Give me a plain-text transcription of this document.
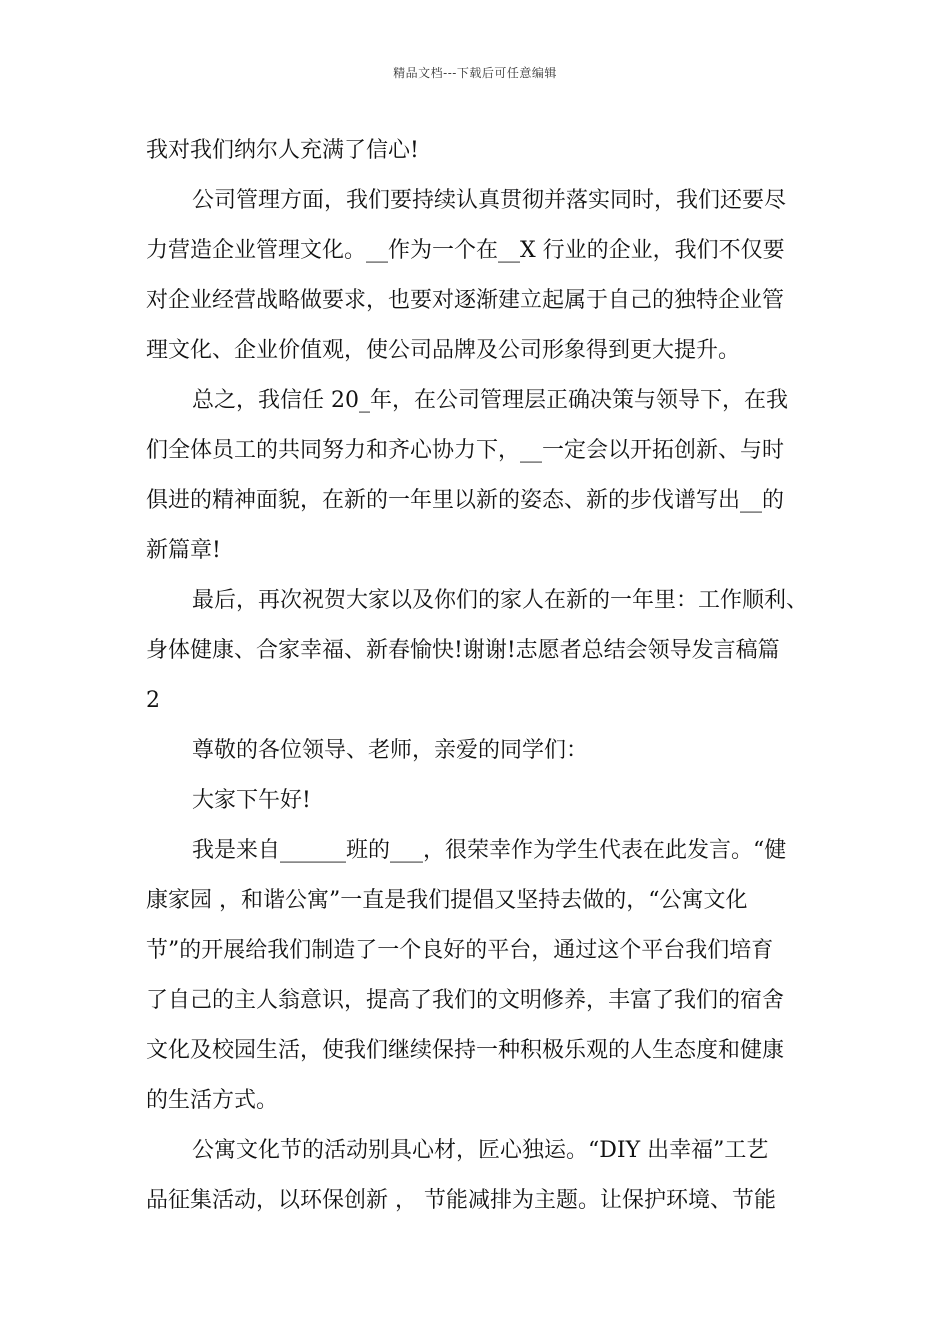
精品文档---下载后可任意编辑
我对我们纳尔人充满了信心!
公司管理方面，我们要持续认真贯彻并落实同时，我们还要尽
力营造企业管理文化。__作为一个在__X 行业的企业，我们不仅要
对企业经营战略做要求，也要对逐渐建立起属于自己的独特企业管
理文化、企业价值观，使公司品牌及公司形象得到更大提升。
总之，我信任 20_年，在公司管理层正确决策与领导下，在我
们全体员工的共同努力和齐心协力下，__一定会以开拓创新、与时
俱进的精神面貌，在新的一年里以新的姿态、新的步伐谱写出__的
新篇章!
最后，再次祝贺大家以及你们的家人在新的一年里：工作顺利、
身体健康、合家幸福、新春愉快!谢谢!志愿者总结会领导发言稿篇
2
尊敬的各位领导、老师，亲爱的同学们：
大家下午好!
我是来自______班的___，很荣幸作为学生代表在此发言。“健
康家园 ，和谐公寓”一直是我们提倡又坚持去做的，“公寓文化
节”的开展给我们制造了一个良好的平台，通过这个平台我们培育
了自己的主人翁意识，提高了我们的文明修养，丰富了我们的宿舍
文化及校园生活，使我们继续保持一种积极乐观的人生态度和健康
的生活方式。
公寓文化节的活动别具心材，匠心独运。“DIY 出幸福”工艺
品征集活动，以环保创新 ， 节能减排为主题。让保护环境、节能
